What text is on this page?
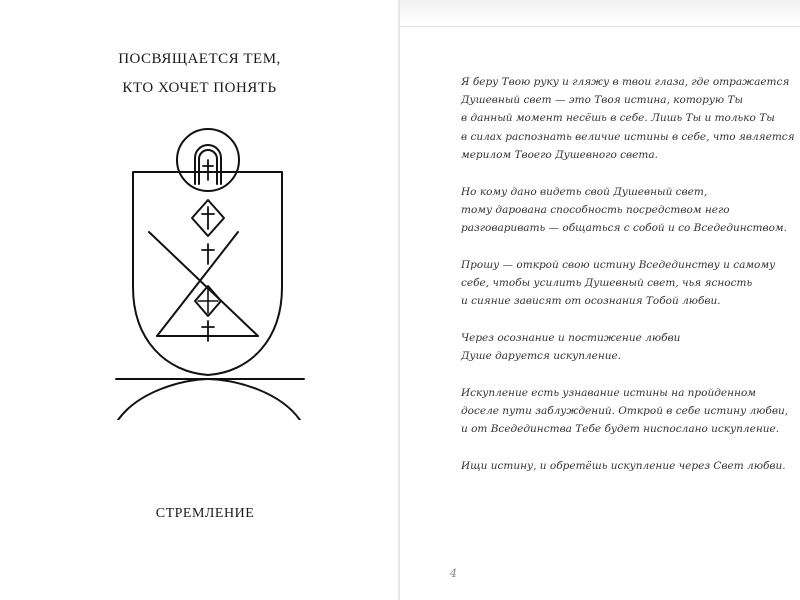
ПОСВЯЩАЕТСЯ ТЕМ,
КТО ХОЧЕТ ПОНЯТЬ
СТРЕМЛЕНИЕ

Я беру Твою руку и гляжу в твои глаза, где отражается
Душевный свет — это Твоя истина, которую Ты
в данный момент несёшь в себе. Лишь Ты и только Ты
в силах распознать величие истины в себе, что является
мерилом Твоего Душевного света.

Но кому дано видеть свой Душевный свет,
тому дарована способность посредством него
разговаривать — общаться с собой и со Вседединством.

Прошу — открой свою истину Вседединству и самому
себе, чтобы усилить Душевный свет, чья ясность
и сияние зависят от осознания Тобой любви.

Через осознание и постижение любви
Душе даруется искупление.

Искупление есть узнавание истины на пройденном
доселе пути заблуждений. Открой в себе истину любви,
и от Вседединства Тебе будет ниспослано искупление.

Ищи истину, и обретёшь искупление через Свет любви.

4
